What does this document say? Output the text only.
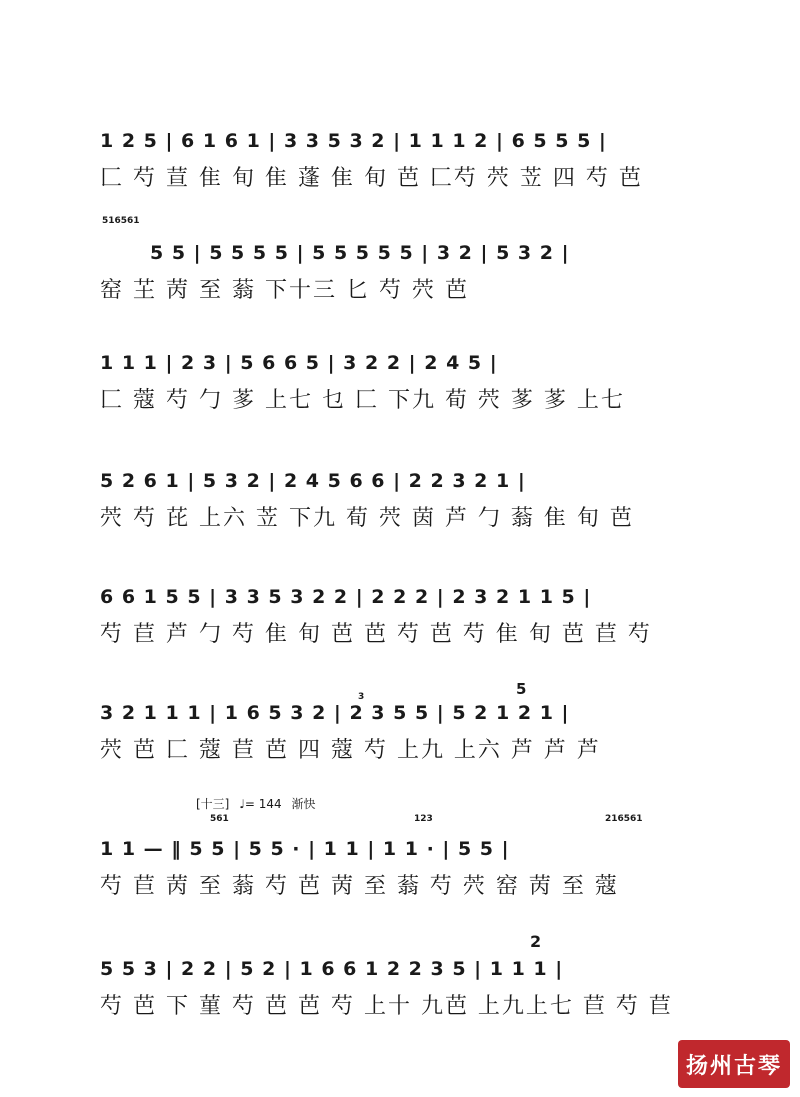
1 2 5 | 6 1 6 1 | 3 3 5 3 2 | 1 1 1 2 | 6 5 5 5 |
匚 芍 荁 隹 旬 隹 蓬 隹 旬 芭 匚芍 茓 苙 四 芍 芭
516561
5 5 | 5 5 5 5 | 5 5 5 5 5 | 3 2 | 5 3 2 |
窑 芏 苪 至 蓊 下十三 匕 芍 茓 芭
1 1 1 | 2 3 | 5 6 6 5 | 3 2 2 | 2 4 5 |
匚 蔻 芍 勹 茤 上七 乜 匚 下九 荀 茓 茤 茤 上七
5 2 6 1 | 5 3 2 | 2 4 5 6 6 | 2 2 3 2 1 |
茓 芍 芘 上六 苙 下九 荀 茓 茵 芦 勹 蓊 隹 旬 芭
6 6 1 5 5 | 3 3 5 3 2 2 | 2 2 2 | 2 3 2 1 1 5 |
芍 苣 芦 勹 芍 隹 旬 芭 芭 芍 芭 芍 隹 旬 芭 苣 芍
5
3
3 2 1 1 1 | 1 6 5 3 2 | 2 3 5 5 | 5 2 1 2 1 |
茓 芭 匚 蔻 苣 芭 四 蔻 芍 上九 上六 芦 芦 芦
[十三] ♩= 144 渐快
561	123	216561
1 1 — ‖ 5 5 | 5 5 · | 1 1 | 1 1 · | 5 5 |
芍 苣 苪 至 蓊 芍 芭 苪 至 蓊 芍 茓 窑 苪 至 蔻
2
5 5 3 | 2 2 | 5 2 | 1 6 6 1 2 2 3 5 | 1 1 1 |
芍 芭 下 菫 芍 芭 芭 芍 上十 九芭 上九上七 苣 芍 苣
扬州古琴
